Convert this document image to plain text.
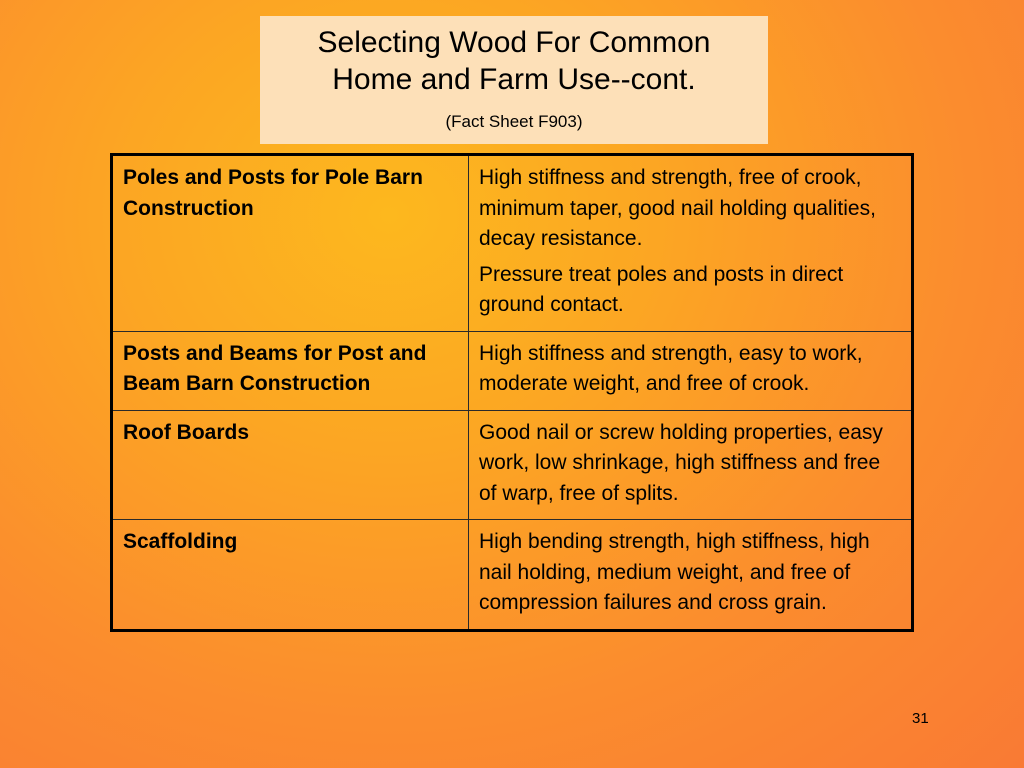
Selecting Wood For Common
Home and Farm Use--cont.
(Fact Sheet F903)
Poles and Posts for Pole Barn Construction	High stiffness and strength, free of crook, minimum taper, good nail holding qualities, decay resistance.

Pressure treat poles and posts in direct ground contact.

Posts and Beams for Post and Beam Barn Construction	High stiffness and strength, easy to work, moderate weight, and free of crook.

Roof Boards	Good nail or screw holding properties, easy work, low shrinkage, high stiffness and free of warp, free of splits.

Scaffolding	High bending strength, high stiffness, high nail holding, medium weight, and free of compression failures and cross grain.

31
